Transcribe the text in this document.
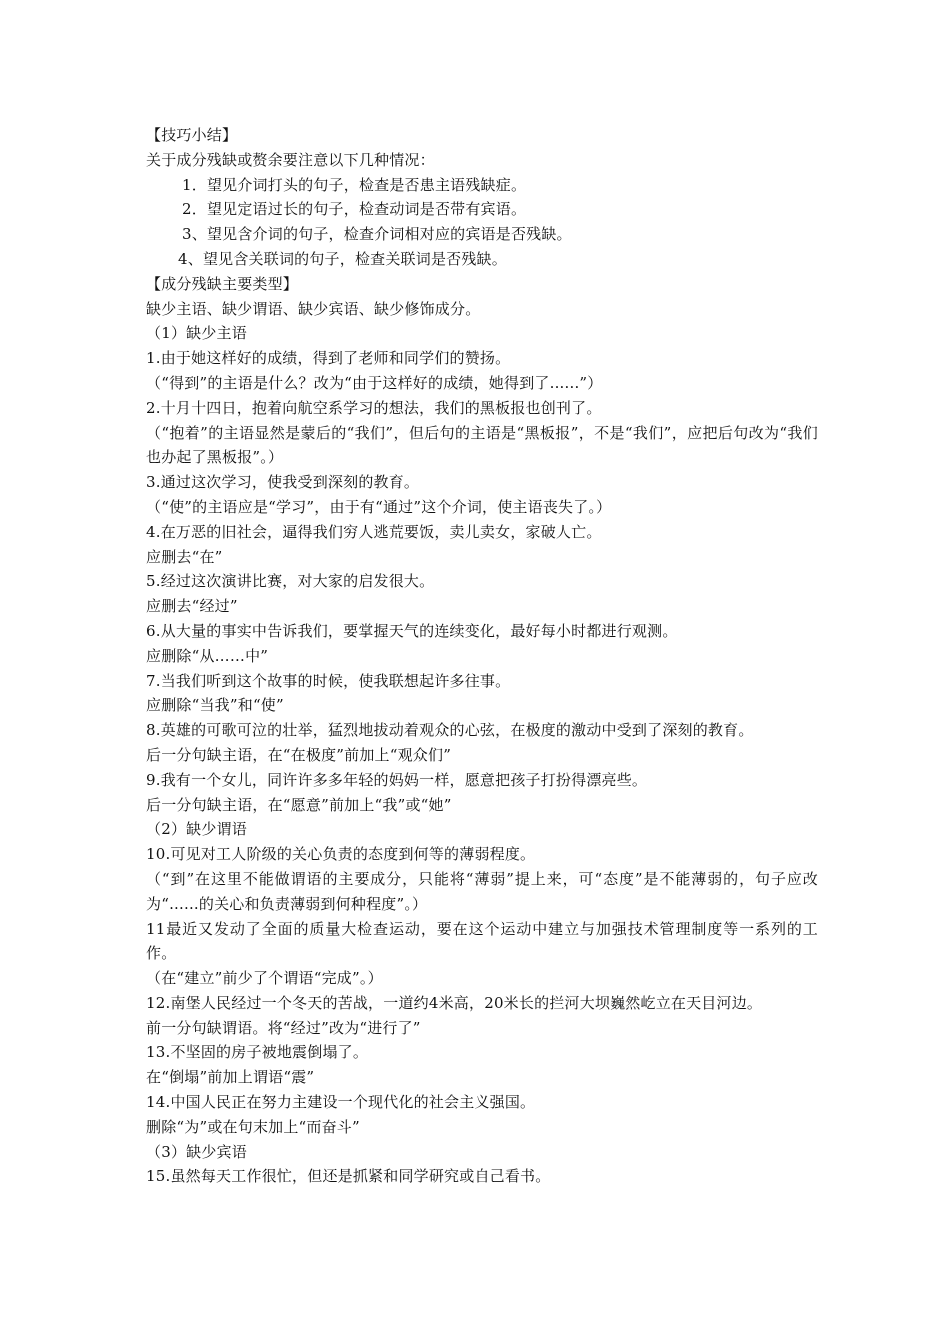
【技巧小结】
关于成分残缺或赘余要注意以下几种情况：
1．望见介词打头的句子，检查是否患主语残缺症。
2．望见定语过长的句子，检查动词是否带有宾语。
3、望见含介词的句子，检查介词相对应的宾语是否残缺。
4、望见含关联词的句子，检查关联词是否残缺。
【成分残缺主要类型】
缺少主语、缺少谓语、缺少宾语、缺少修饰成分。
（1）缺少主语
1.由于她这样好的成绩，得到了老师和同学们的赞扬。
（“得到”的主语是什么？改为“由于这样好的成绩，她得到了......”）
2.十月十四日，抱着向航空系学习的想法，我们的黑板报也创刊了。
（“抱着”的主语显然是蒙后的“我们”，但后句的主语是“黑板报”，不是“我们”，应把后句改为“我们也办起了黑板报”。）
3.通过这次学习，使我受到深刻的教育。
（“使”的主语应是“学习”，由于有“通过”这个介词，使主语丧失了。）
4.在万恶的旧社会，逼得我们穷人逃荒要饭，卖儿卖女，家破人亡。
应删去“在”
5.经过这次演讲比赛，对大家的启发很大。
应删去“经过”
6.从大量的事实中告诉我们，要掌握天气的连续变化，最好每小时都进行观测。
应删除“从……中”
7.当我们听到这个故事的时候，使我联想起许多往事。
应删除“当我”和“使”
8.英雄的可歌可泣的壮举，猛烈地拔动着观众的心弦，在极度的激动中受到了深刻的教育。
后一分句缺主语，在“在极度”前加上“观众们”
9.我有一个女儿，同许许多多年轻的妈妈一样，愿意把孩子打扮得漂亮些。
后一分句缺主语，在“愿意”前加上“我”或“她”
（2）缺少谓语
10.可见对工人阶级的关心负责的态度到何等的薄弱程度。
（“到”在这里不能做谓语的主要成分，只能将“薄弱”提上来，可“态度”是不能薄弱的，句子应改为“......的关心和负责薄弱到何种程度”。）
11最近又发动了全面的质量大检查运动，要在这个运动中建立与加强技术管理制度等一系列的工作。
（在“建立”前少了个谓语“完成”。）
12.南堡人民经过一个冬天的苦战，一道约4米高，20米长的拦河大坝巍然屹立在天目河边。
前一分句缺谓语。将“经过”改为“进行了”
13.不坚固的房子被地震倒塌了。
在“倒塌”前加上谓语“震”
14.中国人民正在努力主建设一个现代化的社会主义强国。
删除“为”或在句末加上“而奋斗”
（3）缺少宾语
15.虽然每天工作很忙，但还是抓紧和同学研究或自己看书。
